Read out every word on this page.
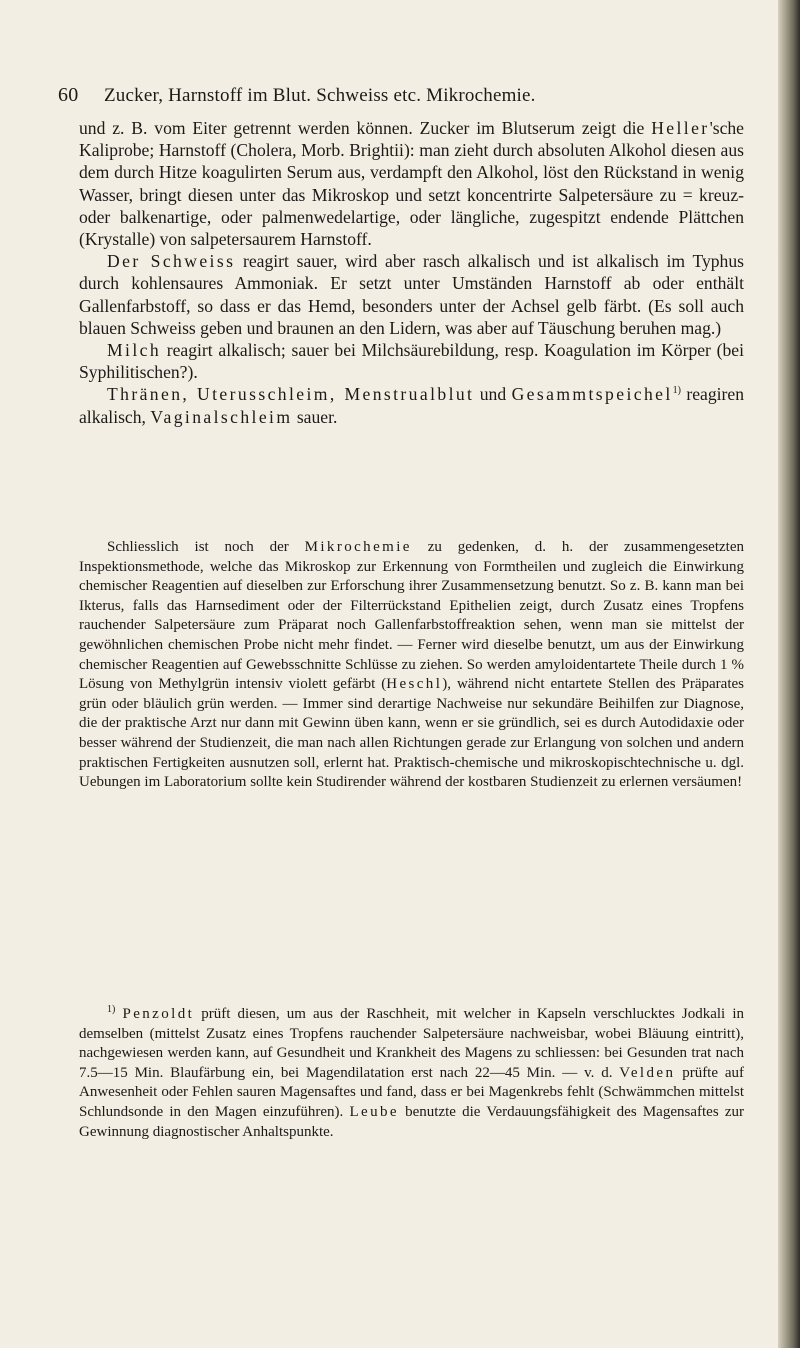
60 Zucker, Harnstoff im Blut. Schweiss etc. Mikrochemie.

und z. B. vom Eiter getrennt werden können. Zucker im Blutserum zeigt die Heller'sche Kaliprobe; Harnstoff (Cholera, Morb. Brightii): man zieht durch absoluten Alkohol diesen aus dem durch Hitze koagulirten Serum aus, verdampft den Alkohol, löst den Rückstand in wenig Wasser, bringt diesen unter das Mikroskop und setzt koncentrirte Salpetersäure zu = kreuz- oder balkenartige, oder palmenwedelartige, oder längliche, zugespitzt endende Plättchen (Krystalle) von salpetersaurem Harnstoff.

Der Schweiss reagirt sauer, wird aber rasch alkalisch und ist alkalisch im Typhus durch kohlensaures Ammoniak. Er setzt unter Umständen Harnstoff ab oder enthält Gallenfarbstoff, so dass er das Hemd, besonders unter der Achsel gelb färbt. (Es soll auch blauen Schweiss geben und braunen an den Lidern, was aber auf Täuschung beruhen mag.)

Milch reagirt alkalisch; sauer bei Milchsäurebildung, resp. Koagulation im Körper (bei Syphilitischen?).

Thränen, Uterusschleim, Menstrualblut und Gesammtspeichel$^{1)}$ reagiren alkalisch, Vaginalschleim sauer.

Schliesslich ist noch der Mikrochemie zu gedenken, d. h. der zusammengesetzten Inspektionsmethode, welche das Mikroskop zur Erkennung von Formtheilen und zugleich die Einwirkung chemischer Reagentien auf dieselben zur Erforschung ihrer Zusammensetzung benutzt. So z. B. kann man bei Ikterus, falls das Harnsediment oder der Filterrückstand Epithelien zeigt, durch Zusatz eines Tropfens rauchender Salpetersäure zum Präparat noch Gallenfarbstoffreaktion sehen, wenn man sie mittelst der gewöhnlichen chemischen Probe nicht mehr findet. — Ferner wird dieselbe benutzt, um aus der Einwirkung chemischer Reagentien auf Gewebsschnitte Schlüsse zu ziehen. So werden amyloidentartete Theile durch 1 % Lösung von Methylgrün intensiv violett gefärbt (Heschl), während nicht entartete Stellen des Präparates grün oder bläulich grün werden. — Immer sind derartige Nachweise nur sekundäre Beihilfen zur Diagnose, die der praktische Arzt nur dann mit Gewinn üben kann, wenn er sie gründlich, sei es durch Autodidaxie oder besser während der Studienzeit, die man nach allen Richtungen gerade zur Erlangung von solchen und andern praktischen Fertigkeiten ausnutzen soll, erlernt hat. Praktisch-chemische und mikroskopischtechnische u. dgl. Uebungen im Laboratorium sollte kein Studirender während der kostbaren Studienzeit zu erlernen versäumen!

$^{1)}$ Penzoldt prüft diesen, um aus der Raschheit, mit welcher in Kapseln verschlucktes Jodkali in demselben (mittelst Zusatz eines Tropfens rauchender Salpetersäure nachweisbar, wobei Bläuung eintritt), nachgewiesen werden kann, auf Gesundheit und Krankheit des Magens zu schliessen: bei Gesunden trat nach 7.5—15 Min. Blaufärbung ein, bei Magendilatation erst nach 22—45 Min. — v. d. Velden prüfte auf Anwesenheit oder Fehlen sauren Magensaftes und fand, dass er bei Magenkrebs fehlt (Schwämmchen mittelst Schlundsonde in den Magen einzuführen). Leube benutzte die Verdauungsfähigkeit des Magensaftes zur Gewinnung diagnostischer Anhaltspunkte.
